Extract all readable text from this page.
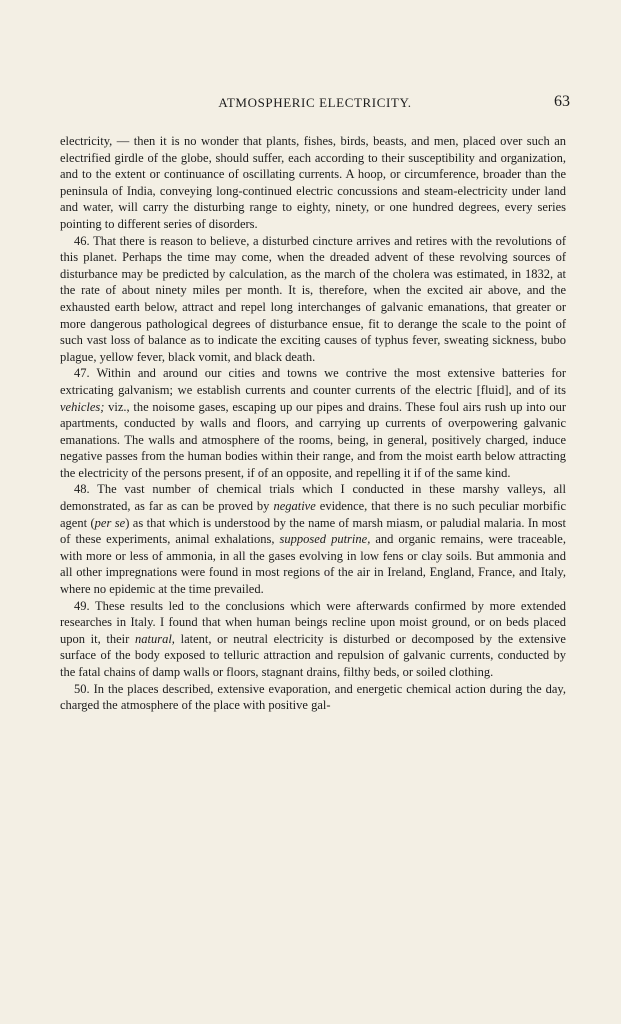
ATMOSPHERIC ELECTRICITY.	63

electricity, — then it is no wonder that plants, fishes, birds, beasts, and men, placed over such an electrified girdle of the globe, should suffer, each according to their susceptibility and organization, and to the extent or continuance of oscillating currents. A hoop, or circumference, broader than the peninsula of India, conveying long-continued electric concussions and steam-electricity under land and water, will carry the disturbing range to eighty, ninety, or one hundred degrees, every series pointing to different series of disorders.

46. That there is reason to believe, a disturbed cincture arrives and retires with the revolutions of this planet. Perhaps the time may come, when the dreaded advent of these revolving sources of disturbance may be predicted by calculation, as the march of the cholera was estimated, in 1832, at the rate of about ninety miles per month. It is, therefore, when the excited air above, and the exhausted earth below, attract and repel long interchanges of galvanic emanations, that greater or more dangerous pathological degrees of disturbance ensue, fit to derange the scale to the point of such vast loss of balance as to indicate the exciting causes of typhus fever, sweating sickness, bubo plague, yellow fever, black vomit, and black death.

47. Within and around our cities and towns we contrive the most extensive batteries for extricating galvanism; we establish currents and counter currents of the electric [fluid], and of its vehicles; viz., the noisome gases, escaping up our pipes and drains. These foul airs rush up into our apartments, conducted by walls and floors, and carrying up currents of overpowering galvanic emanations. The walls and atmosphere of the rooms, being, in general, positively charged, induce negative passes from the human bodies within their range, and from the moist earth below attracting the electricity of the persons present, if of an opposite, and repelling it if of the same kind.

48. The vast number of chemical trials which I conducted in these marshy valleys, all demonstrated, as far as can be proved by negative evidence, that there is no such peculiar morbific agent (per se) as that which is understood by the name of marsh miasm, or paludial malaria. In most of these experiments, animal exhalations, supposed putrine, and organic remains, were traceable, with more or less of ammonia, in all the gases evolving in low fens or clay soils. But ammonia and all other impregnations were found in most regions of the air in Ireland, England, France, and Italy, where no epidemic at the time prevailed.

49. These results led to the conclusions which were afterwards confirmed by more extended researches in Italy. I found that when human beings recline upon moist ground, or on beds placed upon it, their natural, latent, or neutral electricity is disturbed or decomposed by the extensive surface of the body exposed to telluric attraction and repulsion of galvanic currents, conducted by the fatal chains of damp walls or floors, stagnant drains, filthy beds, or soiled clothing.

50. In the places described, extensive evaporation, and energetic chemical action during the day, charged the atmosphere of the place with positive gal-
